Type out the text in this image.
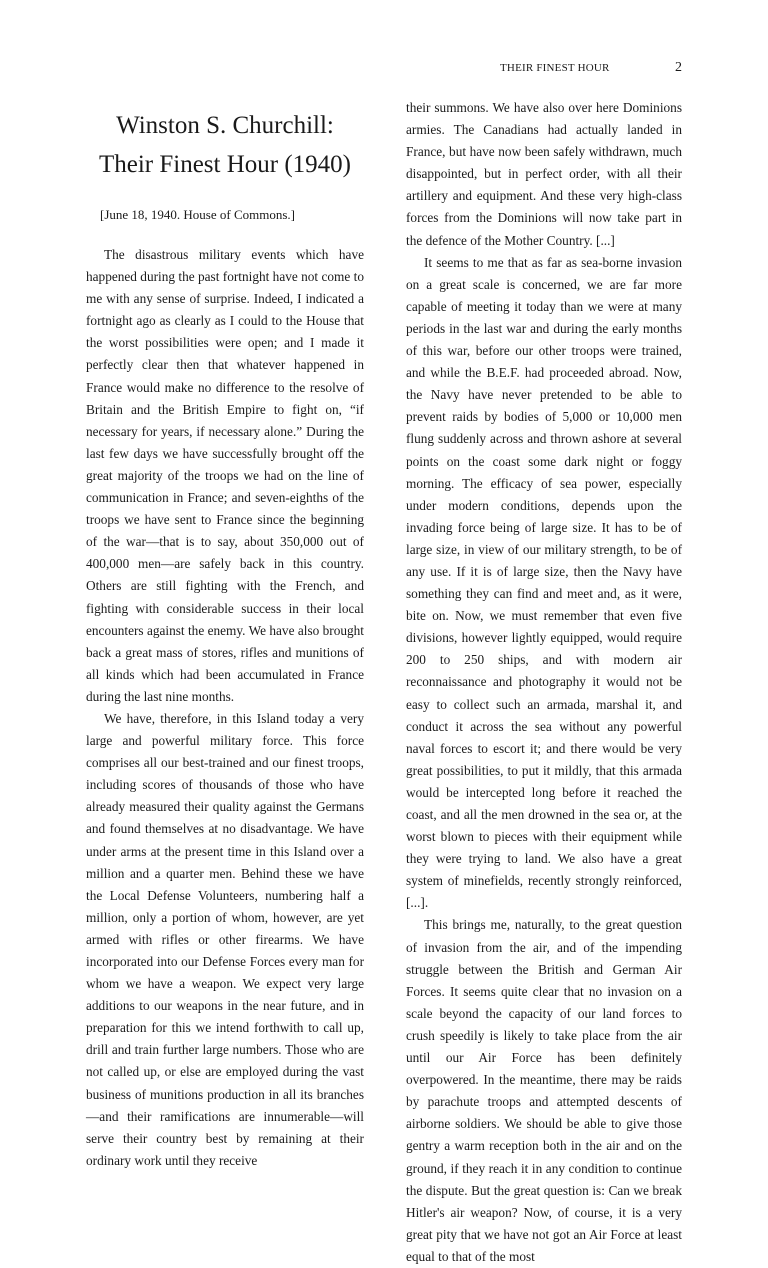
THEIR FINEST HOUR	2
Winston S. Churchill:
Their Finest Hour (1940)
[June 18, 1940. House of Commons.]

The disastrous military events which have happened during the past fortnight have not come to me with any sense of surprise. Indeed, I indicated a fortnight ago as clearly as I could to the House that the worst possibilities were open; and I made it perfectly clear then that whatever happened in France would make no difference to the resolve of Britain and the British Empire to fight on, “if necessary for years, if necessary alone.” During the last few days we have successfully brought off the great majority of the troops we had on the line of communication in France; and seven-eighths of the troops we have sent to France since the beginning of the war—that is to say, about 350,000 out of 400,000 men—are safely back in this country. Others are still fighting with the French, and fighting with considerable success in their local encounters against the enemy. We have also brought back a great mass of stores, rifles and munitions of all kinds which had been accumulated in France during the last nine months.

We have, therefore, in this Island today a very large and powerful military force. This force comprises all our best-trained and our finest troops, including scores of thousands of those who have already measured their quality against the Germans and found themselves at no disadvantage. We have under arms at the present time in this Island over a million and a quarter men. Behind these we have the Local Defense Volunteers, numbering half a million, only a portion of whom, however, are yet armed with rifles or other firearms. We have incorporated into our Defense Forces every man for whom we have a weapon. We expect very large additions to our weapons in the near future, and in preparation for this we intend forthwith to call up, drill and train further large numbers. Those who are not called up, or else are employed during the vast business of munitions production in all its branches—and their ramifications are innumerable—will serve their country best by remaining at their ordinary work until they receive

their summons. We have also over here Dominions armies. The Canadians had actually landed in France, but have now been safely withdrawn, much disappointed, but in perfect order, with all their artillery and equipment. And these very high-class forces from the Dominions will now take part in the defence of the Mother Country. [...]

It seems to me that as far as sea-borne invasion on a great scale is concerned, we are far more capable of meeting it today than we were at many periods in the last war and during the early months of this war, before our other troops were trained, and while the B.E.F. had proceeded abroad. Now, the Navy have never pretended to be able to prevent raids by bodies of 5,000 or 10,000 men flung suddenly across and thrown ashore at several points on the coast some dark night or foggy morning. The efficacy of sea power, especially under modern conditions, depends upon the invading force being of large size. It has to be of large size, in view of our military strength, to be of any use. If it is of large size, then the Navy have something they can find and meet and, as it were, bite on. Now, we must remember that even five divisions, however lightly equipped, would require 200 to 250 ships, and with modern air reconnaissance and photography it would not be easy to collect such an armada, marshal it, and conduct it across the sea without any powerful naval forces to escort it; and there would be very great possibilities, to put it mildly, that this armada would be intercepted long before it reached the coast, and all the men drowned in the sea or, at the worst blown to pieces with their equipment while they were trying to land. We also have a great system of minefields, recently strongly reinforced, [...].

This brings me, naturally, to the great question of invasion from the air, and of the impending struggle between the British and German Air Forces. It seems quite clear that no invasion on a scale beyond the capacity of our land forces to crush speedily is likely to take place from the air until our Air Force has been definitely overpowered. In the meantime, there may be raids by parachute troops and attempted descents of airborne soldiers. We should be able to give those gentry a warm reception both in the air and on the ground, if they reach it in any condition to continue the dispute. But the great question is: Can we break Hitler's air weapon? Now, of course, it is a very great pity that we have not got an Air Force at least equal to that of the most
